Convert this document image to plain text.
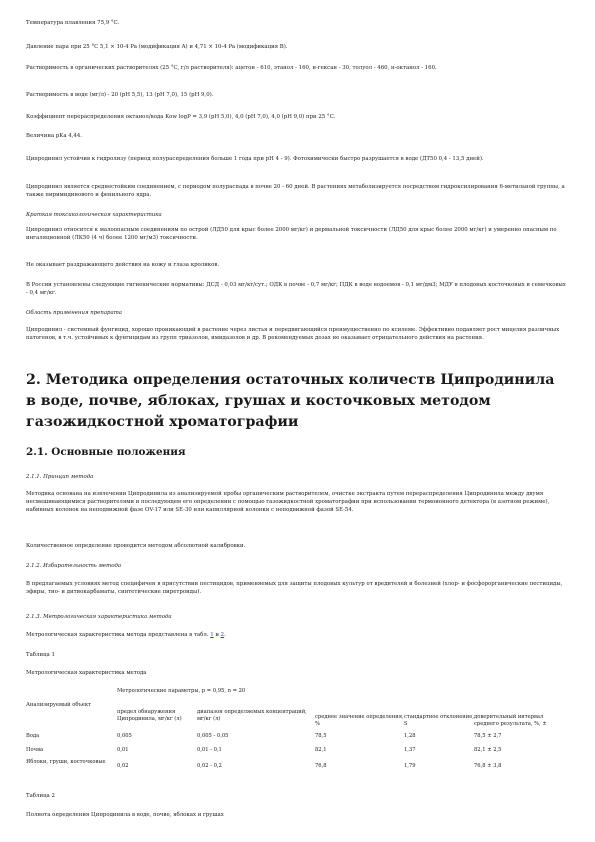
Температура плавления 75,9 °C.

Давление пара при 25 °С 5,1 × 10-4 Pa (модификация A) и 4,71 × 10-4 Pa (модификация B).

Растворимость в органических растворителях (25 °C, г/л растворителя): ацетон - 610, этанол - 160, н-гексан - 30, толуол - 460, н-октанол - 160.

Растворимость в воде (мг/л) - 20 (pH 5,5), 13 (pH 7,0), 15 (pH 9,0).

Коэффициент перераспределения октанол/вода Kow logP = 3,9 (pH 5,0), 4,0 (pH 7,0), 4,0 (pH 9,0) при 25 °C.

Величина pKa 4,44.

Ципродинил устойчив к гидролизу (период полураспределения больше 1 года при pH 4 - 9). Фотохимически быстро разрушается в воде (ДТ50 0,4 - 13,5 дней).

Ципродинил является среднестойким соединением, с периодом полураспада в почве 20 - 60 дней. В растениях метаболизируется посредством гидроксилирования 6-метильной группы, а также пиримидинового и фенильного ядра.

Краткая токсикологическая характеристика

Ципродинил относится к малоопасным соединениям по острой (ЛД50 для крыс более 2000 мг/кг) и дермальной токсичности (ЛД50 для крыс более 2000 мг/кг) и умеренно опасным по ингаляционной (ЛК50 (4 ч) более 1200 мг/м3) токсичности.

Не оказывает раздражающего действия на кожу и глаза кроликов.

В России установлены следующие гигиенические нормативы: ДСД - 0,03 мг/кг/сут.; ОДК в почве - 0,7 мг/кг; ПДК в воде водоемов - 0,1 мг/дм3; МДУ в плодовых косточковых и семечковых - 0,4 мг/кг.

Область применения препарата

Ципродинил - системный фунгицид, хорошо проникающий в растение через листья и передвигающийся преимущественно по ксилеме. Эффективно подавляет рост мицелия различных патогенов, в т.ч. устойчивых к фунгицидам из групп триазолов, имидазолов и др. В рекомендуемых дозах не оказывает отрицательного действия на растения.

2. Методика определения остаточных количеств Ципродинила в воде, почве, яблоках, грушах и косточковых методом газожидкостной хроматографии
2.1. Основные положения

2.1.1. Принцип метода

Методика основана на извлечении Ципродинила из анализируемой пробы органическим растворителем, очистке экстракта путем перераспределения Ципродинила между двумя несмешивающимися растворителями и последующем его определении с помощью газожидкостной хроматографии при использовании термоионного детектора (в азотном режиме), набивных колонок на неподвижной фазе OV-17 или SE-30 или капиллярной колонки с неподвижной фазой SE-54.

Количественное определение проводится методом абсолютной калибровки.

2.1.2. Избирательность метода

В предлагаемых условиях метод специфичен в присутствии пестицидов, применяемых для защиты плодовых культур от вредителей и болезней (хлор- и фосфорорганические пестициды, эфиры, тио- и дитиокарбаматы, синтетические пиретроиды).

2.1.3. Метрологическая характеристика метода

Метрологическая характеристика метода представлена в табл. 1 и 2.

Таблица 1

Метрологическая характеристика метода

Анализируемый объект	Метрологические параметры, p = 0,95, n = 20				
	предел обнаружения Ципродинила, мг/кг (л)	диапазон определяемых концентраций, мг/кг (л)	среднее значение определения, %	стандартное отклонение, S	доверительный интервал среднего результата, %, ±
Вода	0,005	0,005 - 0,05	78,5	1,28	78,5 ± 2,7
Почва	0,01	0,01 - 0,1	82,1	1,37	82,1 ± 2,5
Яблоки, груши, косточковые	0,02	0,02 - 0,2	76,8	1,79	76,8 ± 3,8

Таблица 2

Полнота определения Ципродинила в воде, почве, яблоках и грушах
